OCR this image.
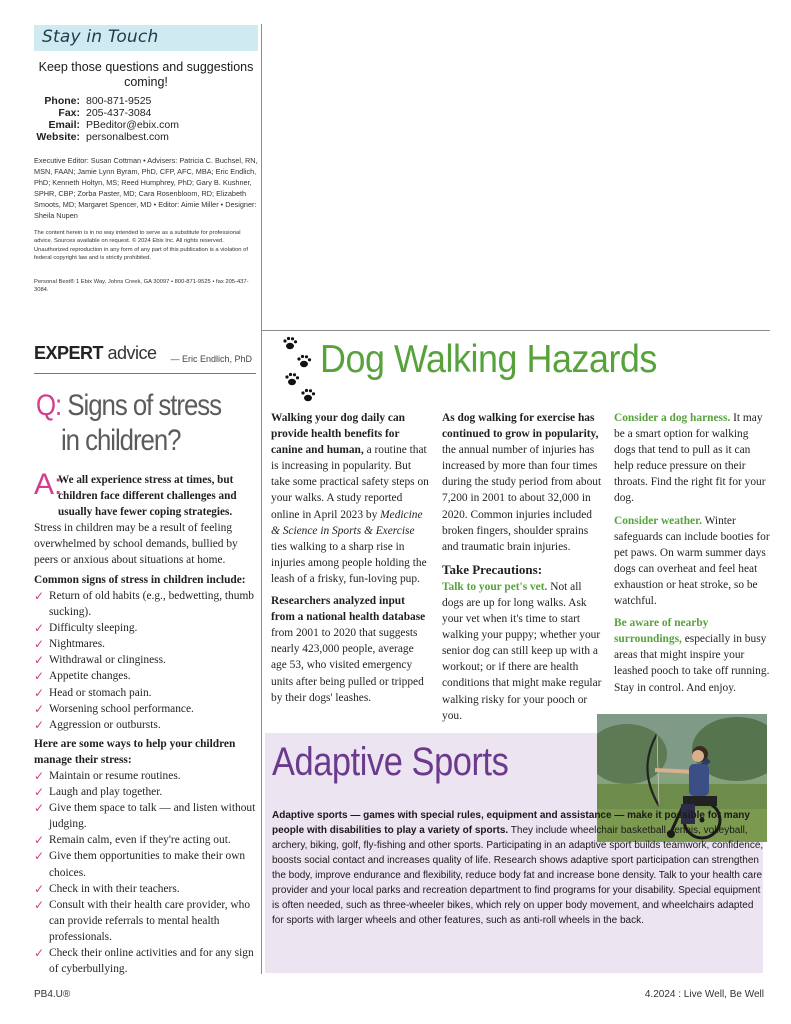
Stay in Touch
Keep those questions and suggestions coming!
Phone: 800-871-9525
Fax: 205-437-3084
Email: PBeditor@ebix.com
Website: personalbest.com
Executive Editor: Susan Cottman • Advisers: Patricia C. Buchsel, RN, MSN, FAAN; Jamie Lynn Byram, PhD, CFP, AFC, MBA; Eric Endlich, PhD; Kenneth Holtyn, MS; Reed Humphrey, PhD; Gary B. Kushner, SPHR, CBP; Zorba Paster, MD; Cara Rosenbloom, RD; Elizabeth Smoots, MD; Margaret Spencer, MD • Editor: Aimie Miller • Designer: Sheila Nupen
The content herein is in no way intended to serve as a substitute for professional advice. Sources available on request. © 2024 Ebix Inc. All rights reserved. Unauthorized reproduction in any form of any part of this publication is a violation of federal copyright law and is strictly prohibited.
Personal Best® 1 Ebix Way, Johns Creek, GA 30097 • 800-871-9525 • fax 205-437-3084.
EXPERT advice — Eric Endlich, PhD
Q: Signs of stress
in children?
A:
We all experience stress at times, but children face different challenges and usually have fewer coping strategies.
Stress in children may be a result of feeling overwhelmed by school demands, bullied by peers or anxious about situations at home.
Common signs of stress in children include:
✓ Return of old habits (e.g., bedwetting, thumb sucking).
✓ Difficulty sleeping.
✓ Nightmares.
✓ Withdrawal or clinginess.
✓ Appetite changes.
✓ Head or stomach pain.
✓ Worsening school performance.
✓ Aggression or outbursts.
Here are some ways to help your children manage their stress:
✓ Maintain or resume routines.
✓ Laugh and play together.
✓ Give them space to talk — and listen without judging.
✓ Remain calm, even if they're acting out.
✓ Give them opportunities to make their own choices.
✓ Check in with their teachers.
✓ Consult with their health care provider, who can provide referrals to mental health professionals.
✓ Check their online activities and for any sign of cyberbullying.
Dog Walking Hazards
Walking your dog daily can provide health benefits for canine and human, a routine that is increasing in popularity. But take some practical safety steps on your walks. A study reported online in April 2023 by Medicine & Science in Sports & Exercise ties walking to a sharp rise in injuries among people holding the leash of a frisky, fun-loving pup.
Researchers analyzed input from a national health database from 2001 to 2020 that suggests nearly 423,000 people, average age 53, who visited emergency units after being pulled or tripped by their dogs' leashes.
As dog walking for exercise has continued to grow in popularity, the annual number of injuries has increased by more than four times during the study period from about 7,200 in 2001 to about 32,000 in 2020. Common injuries included broken fingers, shoulder sprains and traumatic brain injuries.
Take Precautions:
Talk to your pet's vet. Not all dogs are up for long walks. Ask your vet when it's time to start walking your puppy; whether your senior dog can still keep up with a workout; or if there are health conditions that might make regular walking risky for your pooch or you.
Consider a dog harness. It may be a smart option for walking dogs that tend to pull as it can help reduce pressure on their throats. Find the right fit for your dog.
Consider weather. Winter safeguards can include booties for pet paws. On warm summer days dogs can overheat and feel heat exhaustion or heat stroke, so be watchful.
Be aware of nearby surroundings, especially in busy areas that might inspire your leashed pooch to take off running. Stay in control. And enjoy.
Adaptive Sports
Adaptive sports — games with special rules, equipment and assistance — make it possible for many people with disabilities to play a variety of sports. They include wheelchair basketball, tennis, volleyball, archery, biking, golf, fly-fishing and other sports. Participating in an adaptive sport builds teamwork, confidence, boosts social contact and increases quality of life. Research shows adaptive sport participation can strengthen the body, improve endurance and flexibility, reduce body fat and increase bone density. Talk to your health care provider and your local parks and recreation department to find programs for your disability. Special equipment is often needed, such as three-wheeler bikes, which rely on upper body movement, and wheelchairs adapted for sports with larger wheels and other features, such as anti-roll wheels in the back.
PB4.U®	4.2024 : Live Well, Be Well
